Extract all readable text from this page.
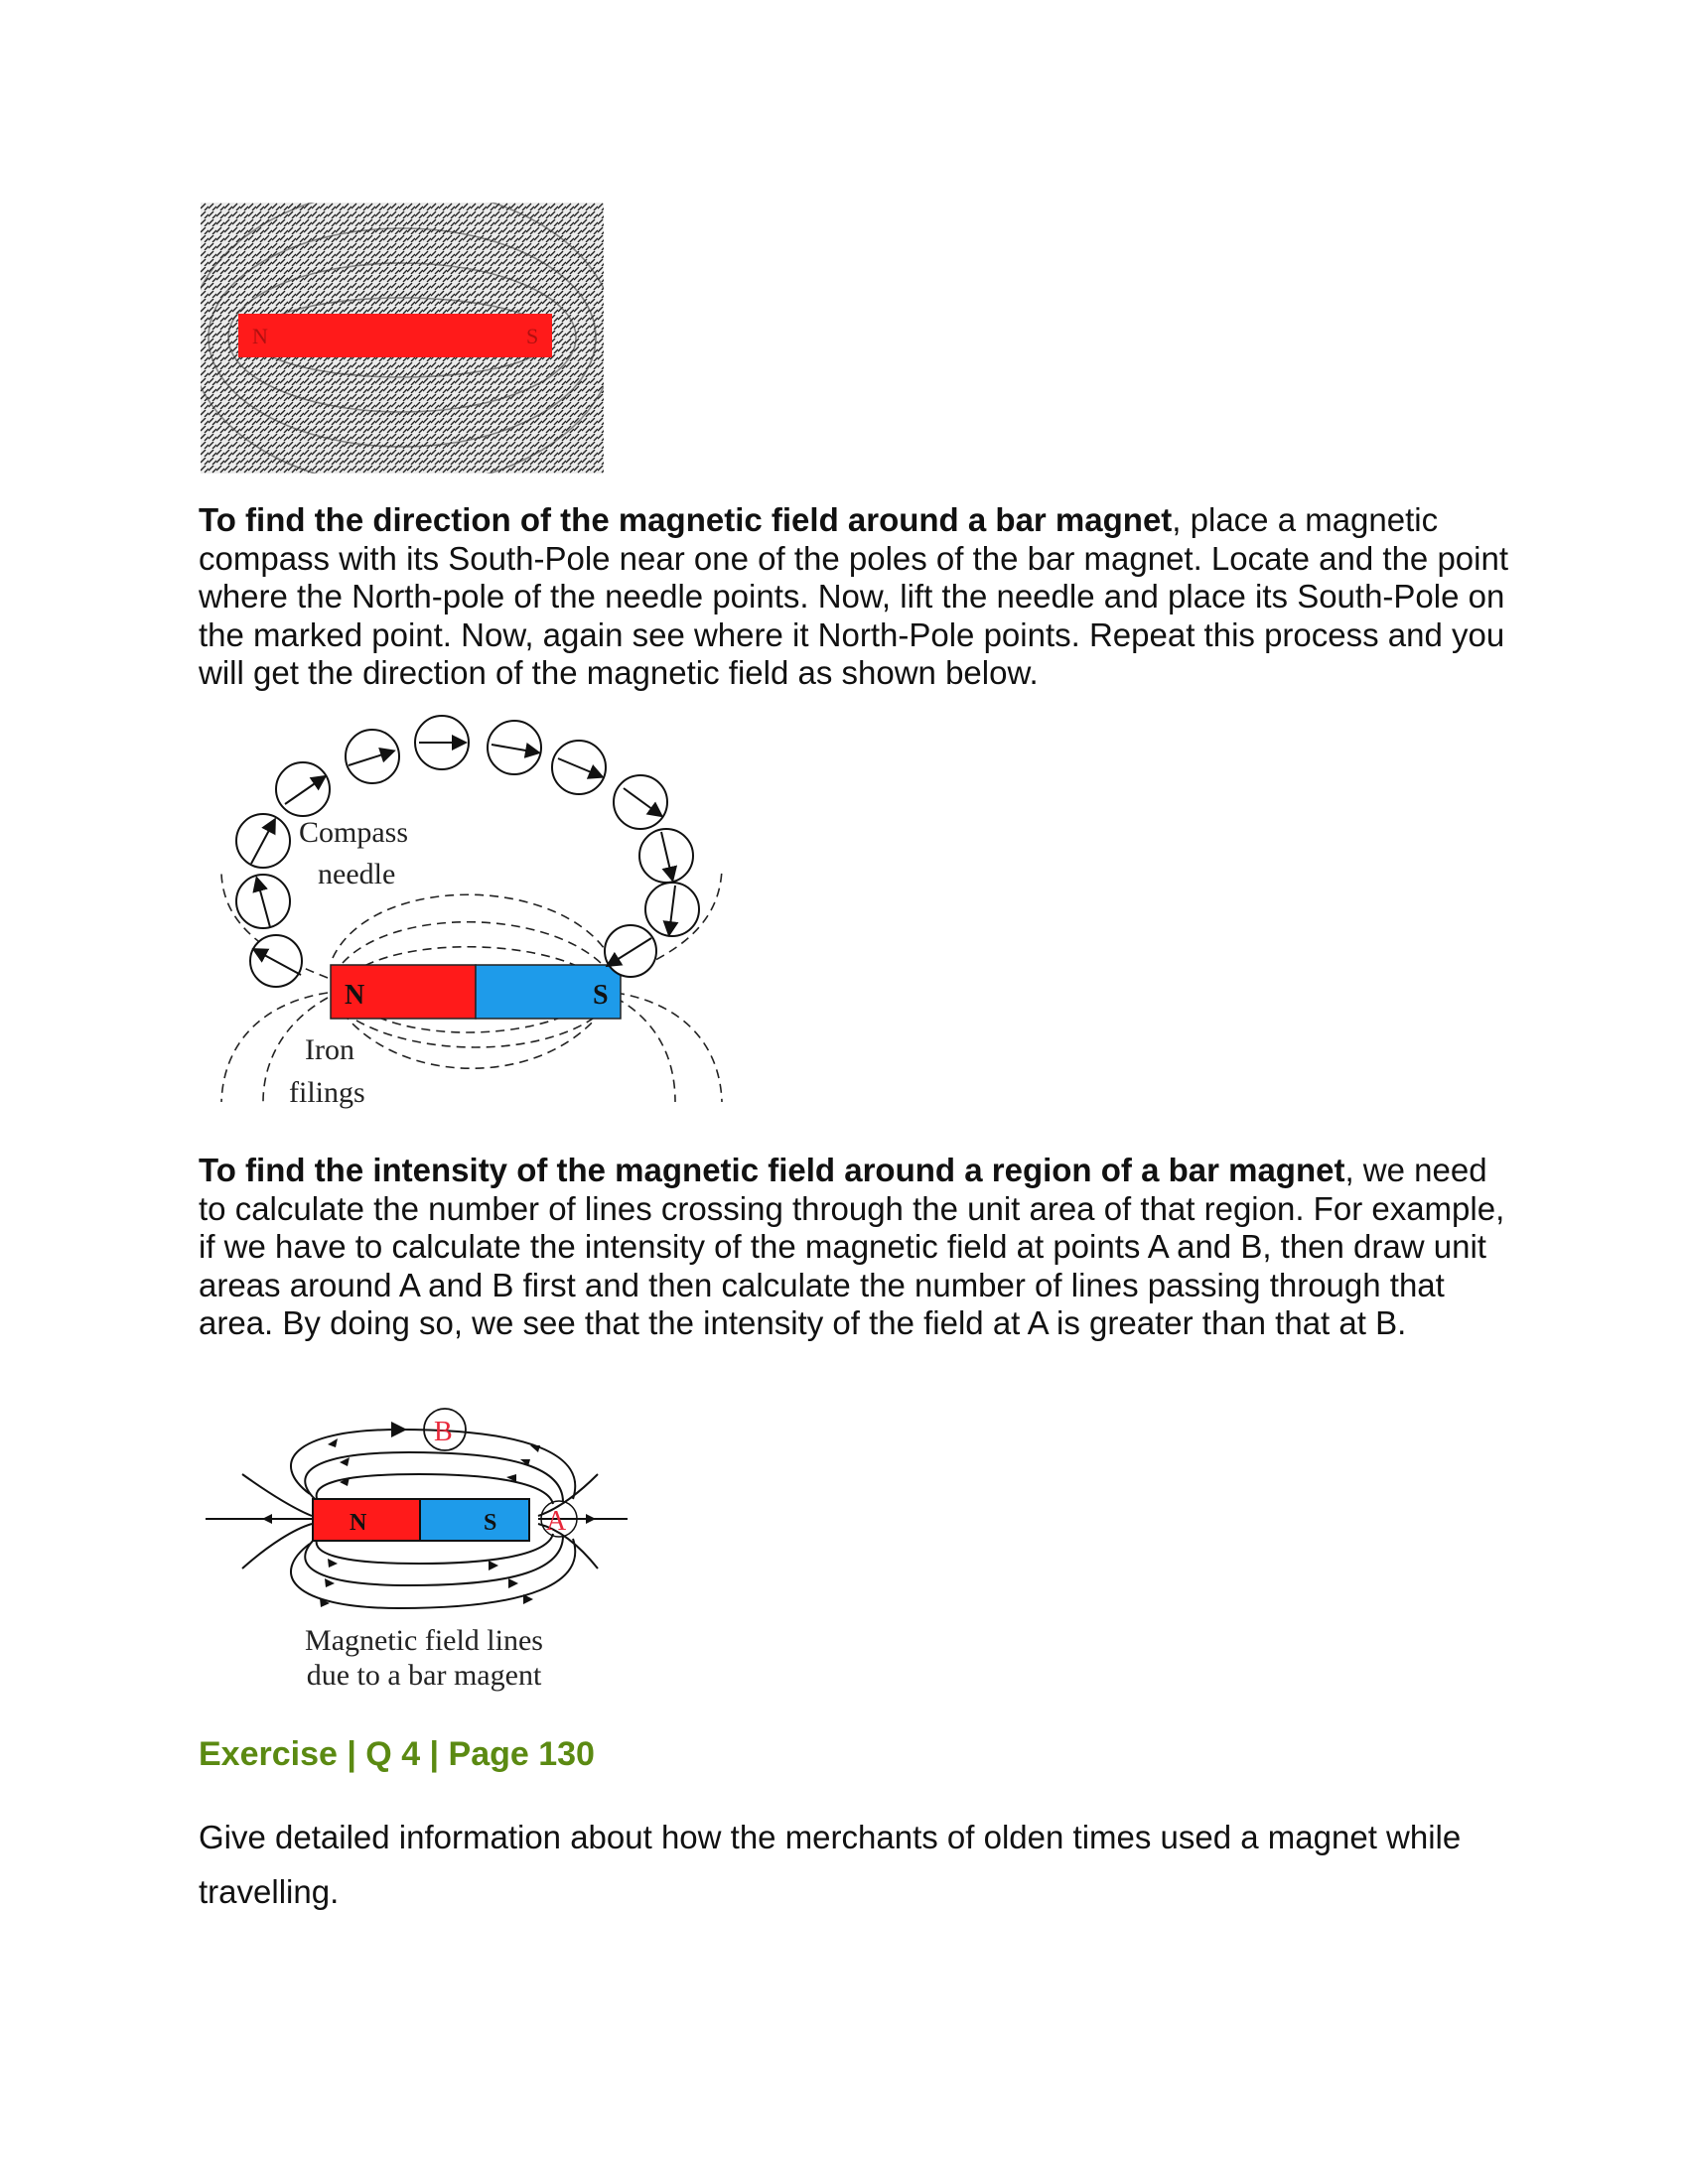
N	S
To find the direction of the magnetic field around a bar magnet, place a magnetic compass with its South-Pole near one of the poles of the bar magnet. Locate and the point where the North-pole of the needle points. Now, lift the needle and place its South-Pole on the marked point. Now, again see where it North-Pole points. Repeat this process and you will get the direction of the magnetic field as shown below.
N	S
Compass
needle
Iron
filings
To find the intensity of the magnetic field around a region of a bar magnet, we need to calculate the number of lines crossing through the unit area of that region. For example, if we have to calculate the intensity of the magnetic field at points A and B, then draw unit areas around A and B first and then calculate the number of lines passing through that area. By doing so, we see that the intensity of the field at A is greater than that at B.
N	S
B
A
Magnetic field lines
due to a bar magent
Exercise | Q 4 | Page 130
Give detailed information about how the merchants of olden times used a magnet while travelling.
